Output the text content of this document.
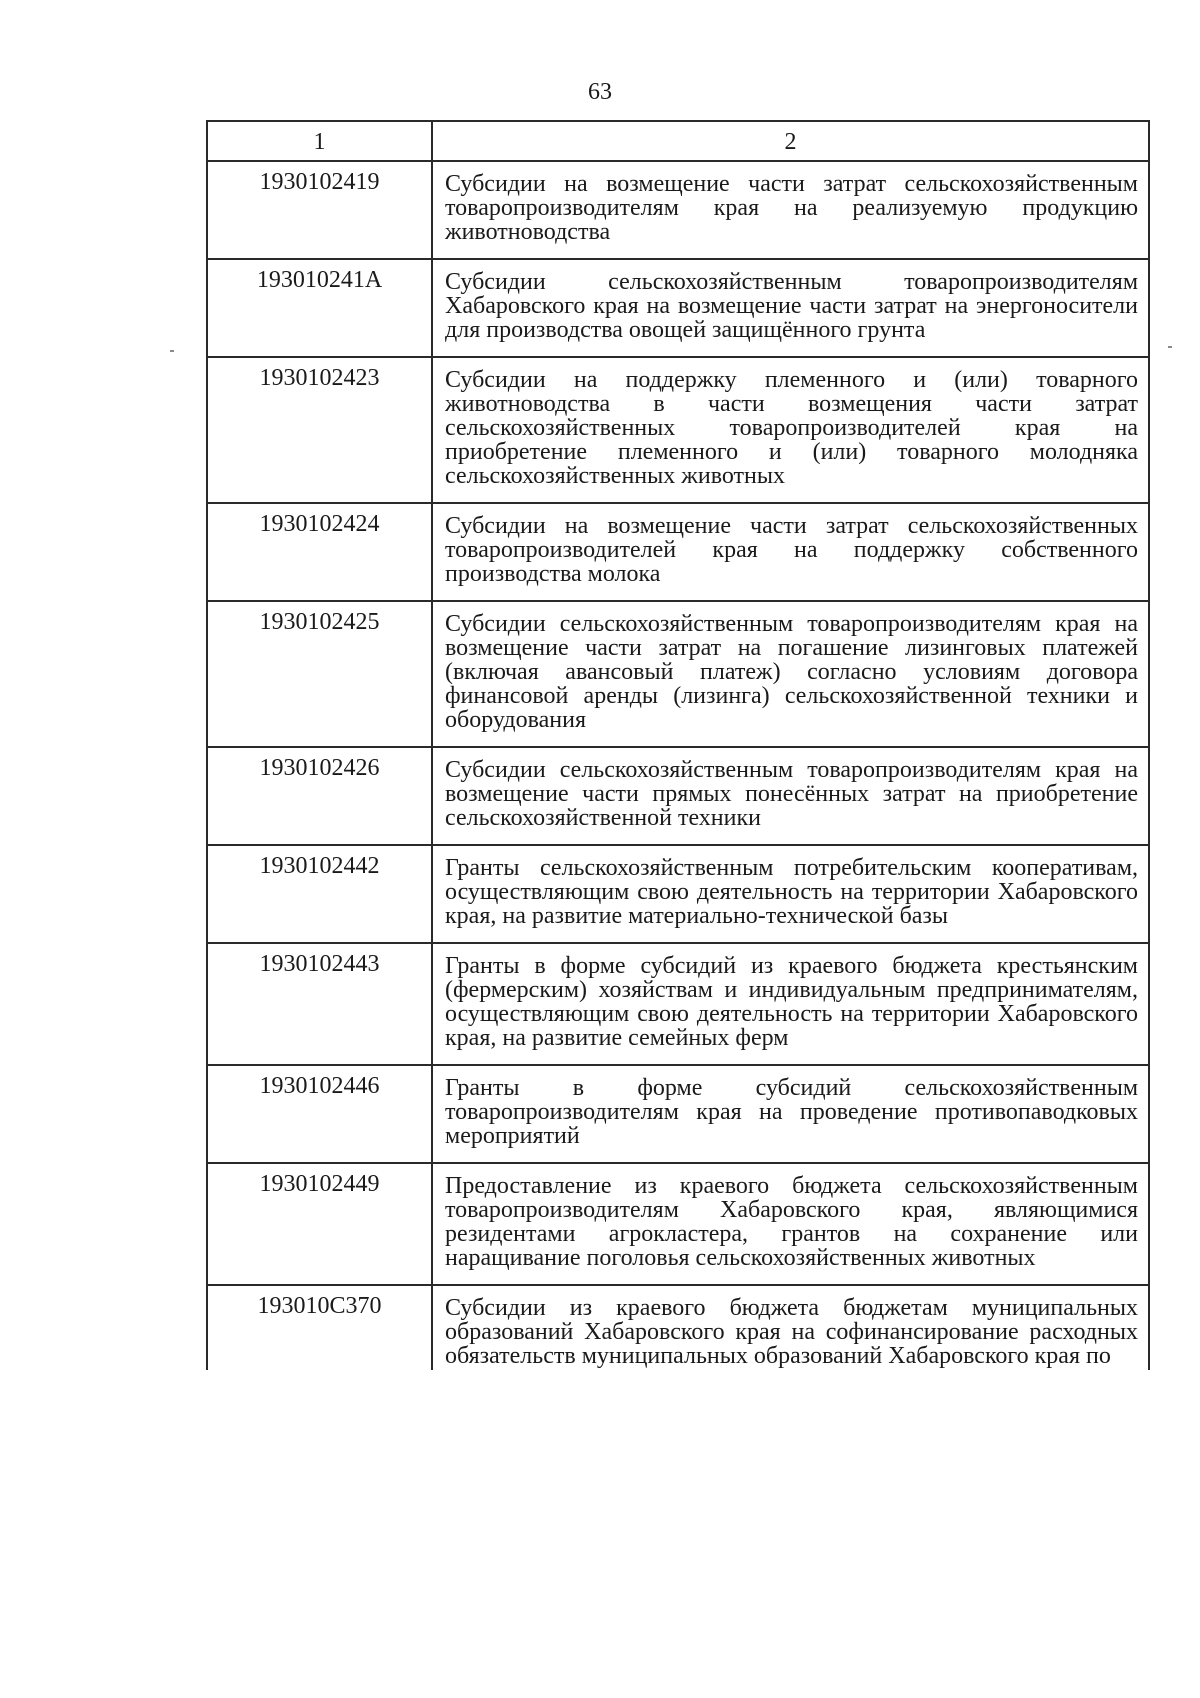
63
1	2
1930102419	Субсидии на возмещение части затрат сельскохозяйственным товаропроизводителям края на реализуемую продукцию животноводства
193010241А	Субсидии сельскохозяйственным товаропроизводителям Хабаровского края на возмещение части затрат на энергоносители для производства овощей защищённого грунта
1930102423	Субсидии на поддержку племенного и (или) товарного животноводства в части возмещения части затрат сельскохозяйственных товаропроизводителей края на приобретение племенного и (или) товарного молодняка сельскохозяйственных животных
1930102424	Субсидии на возмещение части затрат сельскохозяйственных товаропроизводителей края на поддержку собственного производства молока
1930102425	Субсидии сельскохозяйственным товаропроизводителям края на возмещение части затрат на погашение лизинговых платежей (включая авансовый платеж) согласно условиям договора финансовой аренды (лизинга) сельскохозяйственной техники и оборудования
1930102426	Субсидии сельскохозяйственным товаропроизводителям края на возмещение части прямых понесённых затрат на приобретение сельскохозяйственной техники
1930102442	Гранты сельскохозяйственным потребительским кооперативам, осуществляющим свою деятельность на территории Хабаровского края, на развитие материально-технической базы
1930102443	Гранты в форме субсидий из краевого бюджета крестьянским (фермерским) хозяйствам и индивидуальным предпринимателям, осуществляющим свою деятельность на территории Хабаровского края, на развитие семейных ферм
1930102446	Гранты в форме субсидий сельскохозяйственным товаропроизводителям края на проведение противопаводковых мероприятий
1930102449	Предоставление из краевого бюджета сельскохозяйственным товаропроизводителям Хабаровского края, являющимися резидентами агрокластера, грантов на сохранение или наращивание поголовья сельскохозяйственных животных
193010С370	Субсидии из краевого бюджета бюджетам муниципальных образований Хабаровского края на софинансирование расходных обязательств муниципальных образований Хабаровского края по
